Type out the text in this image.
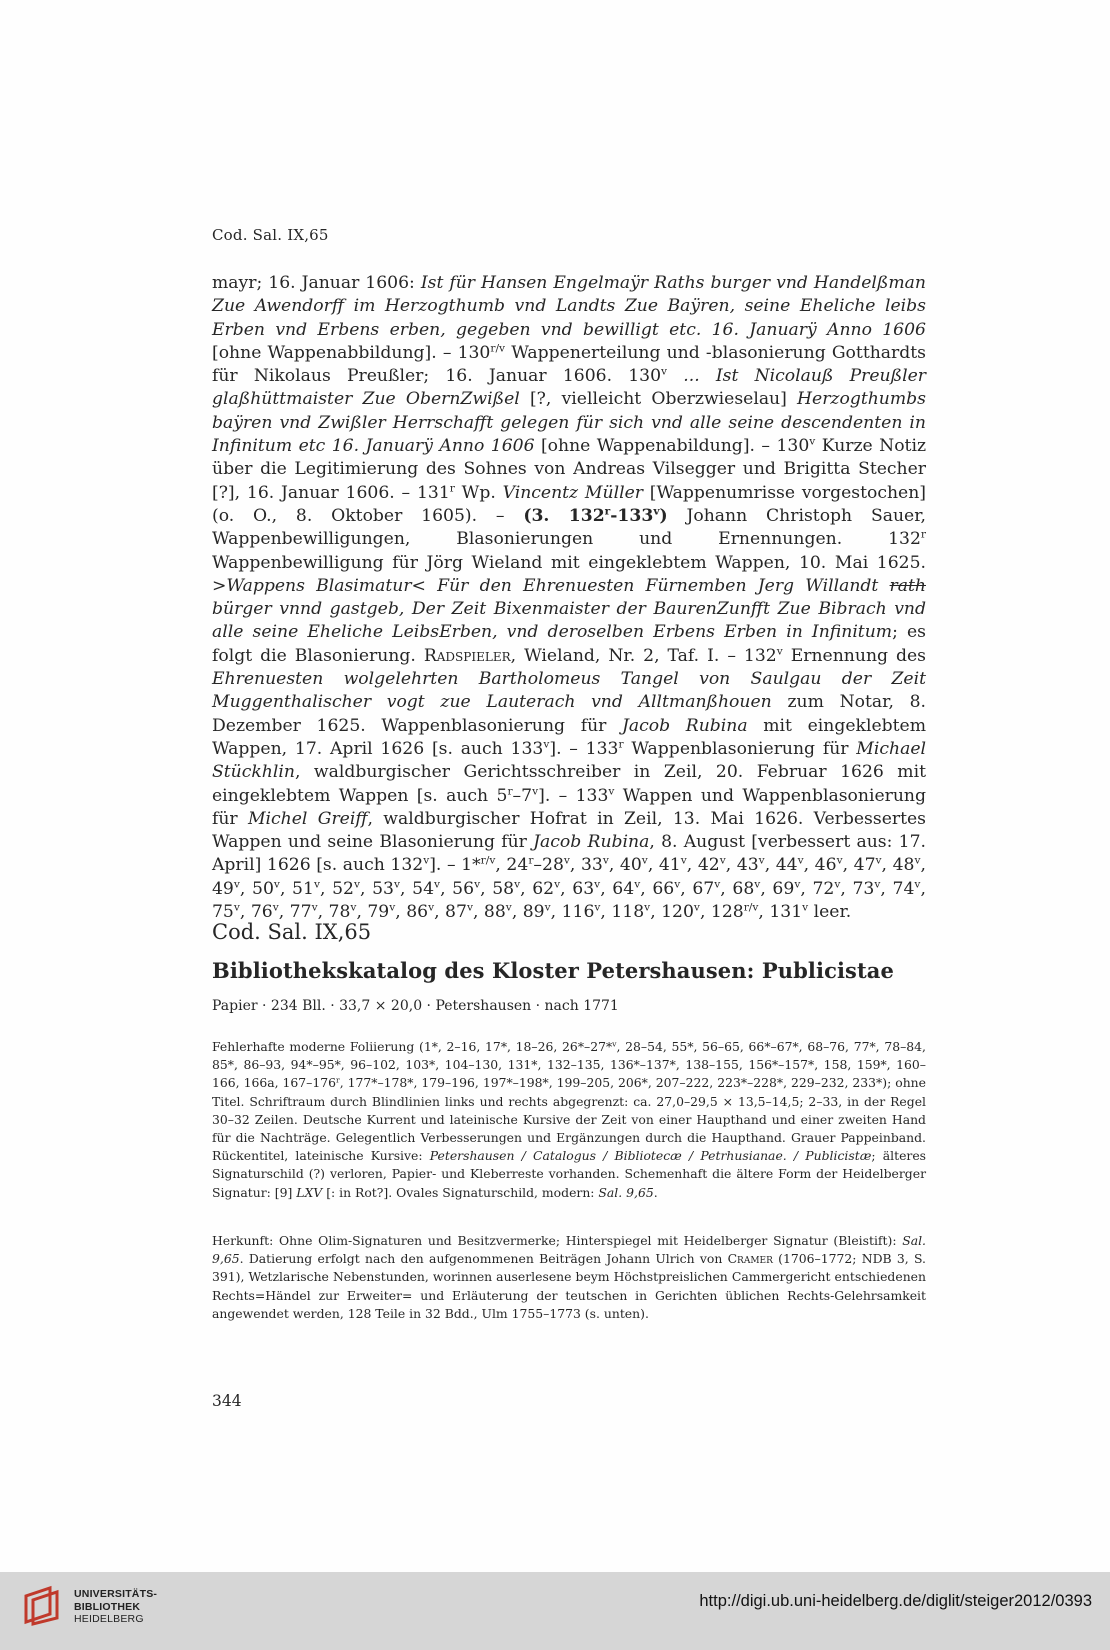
Cod. Sal. IX,65

mayr; 16. Januar 1606: Ist für Hansen Engelmaÿr Raths burger vnd Handelßman Zue Awendorff im Herzogthumb vnd Landts Zue Baÿren, seine Eheliche leibs Erben vnd Erbens erben, gegeben vnd bewilligt etc. 16. Januarÿ Anno 1606 [ohne Wappenabbildung]. – $130^{r/v}$ Wappenerteilung und -blasonierung Gotthardts für Nikolaus Preußler; 16. Januar 1606. 130$^v$ ... Ist Nicolauß Preußler glaßhüttmaister Zue ObernZwißel [?, vielleicht Oberzwieselau] Herzogthumbs baÿren vnd Zwißler Herrschafft gelegen für sich vnd alle seine descendenten in Infinitum etc 16. Januarÿ Anno 1606 [ohne Wappenabildung]. – 130$^v$ Kurze Notiz über die Legitimierung des Sohnes von Andreas Vilsegger und Brigitta Stecher [?], 16. Januar 1606. – 131$^r$ Wp. Vincentz Müller [Wappenumrisse vorgestochen] (o. O., 8. Oktober 1605). – (3. 132$^r$-133$^v$) Johann Christoph Sauer, Wappenbewilligungen, Blasonierungen und Ernennungen. 132$^r$ Wappenbewilligung für Jörg Wieland mit eingeklebtem Wappen, 10. Mai 1625. >Wappens Blasimatur< Für den Ehrenuesten Fürnemben Jerg Willandt rath bürger vnnd gastgeb, Der Zeit Bixenmaister der BaurenZunfft Zue Bibrach vnd alle seine Eheliche LeibsErben, vnd deroselben Erbens Erben in Infinitum; es folgt die Blasonierung. Radspieler, Wieland, Nr. 2, Taf. I. – 132$^v$ Ernennung des Ehrenuesten wolgelehrten Bartholomeus Tangel von Saulgau der Zeit Muggenthalischer vogt zue Lauterach vnd Alltmanßhouen zum Notar, 8. Dezember 1625. Wappenblasonierung für Jacob Rubina mit eingeklebtem Wappen, 17. April 1626 [s. auch 133$^v$]. – 133$^r$ Wappenblasonierung für Michael Stückhlin, waldburgischer Gerichtsschreiber in Zeil, 20. Februar 1626 mit eingeklebtem Wappen [s. auch 5$^r$–7$^v$]. – 133$^v$ Wappen und Wappenblasonierung für Michel Greiff, waldburgischer Hofrat in Zeil, 13. Mai 1626. Verbessertes Wappen und seine Blasonierung für Jacob Rubina, 8. August [verbessert aus: 17. April] 1626 [s. auch 132$^v$]. – 1*$^{r/v}$, 24$^r$–28$^v$, 33$^v$, 40$^v$, 41$^v$, 42$^v$, 43$^v$, 44$^v$, 46$^v$, 47$^v$, 48$^v$, 49$^v$, 50$^v$, 51$^v$, 52$^v$, 53$^v$, 54$^v$, 56$^v$, 58$^v$, 62$^v$, 63$^v$, 64$^v$, 66$^v$, 67$^v$, 68$^v$, 69$^v$, 72$^v$, 73$^v$, 74$^v$, 75$^v$, 76$^v$, 77$^v$, 78$^v$, 79$^v$, 86$^v$, 87$^v$, 88$^v$, 89$^v$, 116$^v$, 118$^v$, 120$^v$, $128^{r/v}$, 131$^v$ leer.

Cod. Sal. IX,65
Bibliothekskatalog des Kloster Petershausen: Publicistae
Papier · 234 Bll. · 33,7 × 20,0 · Petershausen · nach 1771

Fehlerhafte moderne Foliierung (1*, 2–16, 17*, 18–26, 26*–27*$^v$, 28–54, 55*, 56–65, 66*–67*, 68–76, 77*, 78–84, 85*, 86–93, 94*–95*, 96–102, 103*, 104–130, 131*, 132–135, 136*–137*, 138–155, 156*–157*, 158, 159*, 160–166, 166a, 167–176$^r$, 177*–178*, 179–196, 197*–198*, 199–205, 206*, 207–222, 223*–228*, 229–232, 233*); ohne Titel. Schriftraum durch Blindlinien links und rechts abgegrenzt: ca. 27,0–29,5 × 13,5–14,5; 2–33, in der Regel 30–32 Zeilen. Deutsche Kurrent und lateinische Kursive der Zeit von einer Haupthand und einer zweiten Hand für die Nachträge. Gelegentlich Verbesserungen und Ergänzungen durch die Haupthand. Grauer Pappeinband. Rückentitel, lateinische Kursive: Petershausen / Catalogus / Bibliotecæ / Petrhusianae. / Publicistæ; älteres Signaturschild (?) verloren, Papier- und Kleberreste vorhanden. Schemenhaft die ältere Form der Heidelberger Signatur: [9] LXV [: in Rot?]. Ovales Signaturschild, modern: Sal. 9,65.

Herkunft: Ohne Olim-Signaturen und Besitzvermerke; Hinterspiegel mit Heidelberger Signatur (Bleistift): Sal. 9,65. Datierung erfolgt nach den aufgenommenen Beiträgen Johann Ulrich von Cramer (1706–1772; NDB 3, S. 391), Wetzlarische Nebenstunden, worinnen auserlesene beym Höchstpreislichen Cammergericht entschiedenen Rechts=Händel zur Erweiter= und Erläuterung der teutschen in Gerichten üblichen Rechts-Gelehrsamkeit angewendet werden, 128 Teile in 32 Bdd., Ulm 1755–1773 (s. unten).

344
UNIVERSITÄTS-
BIBLIOTHEK
HEIDELBERG
http://digi.ub.uni-heidelberg.de/diglit/steiger2012/0393
